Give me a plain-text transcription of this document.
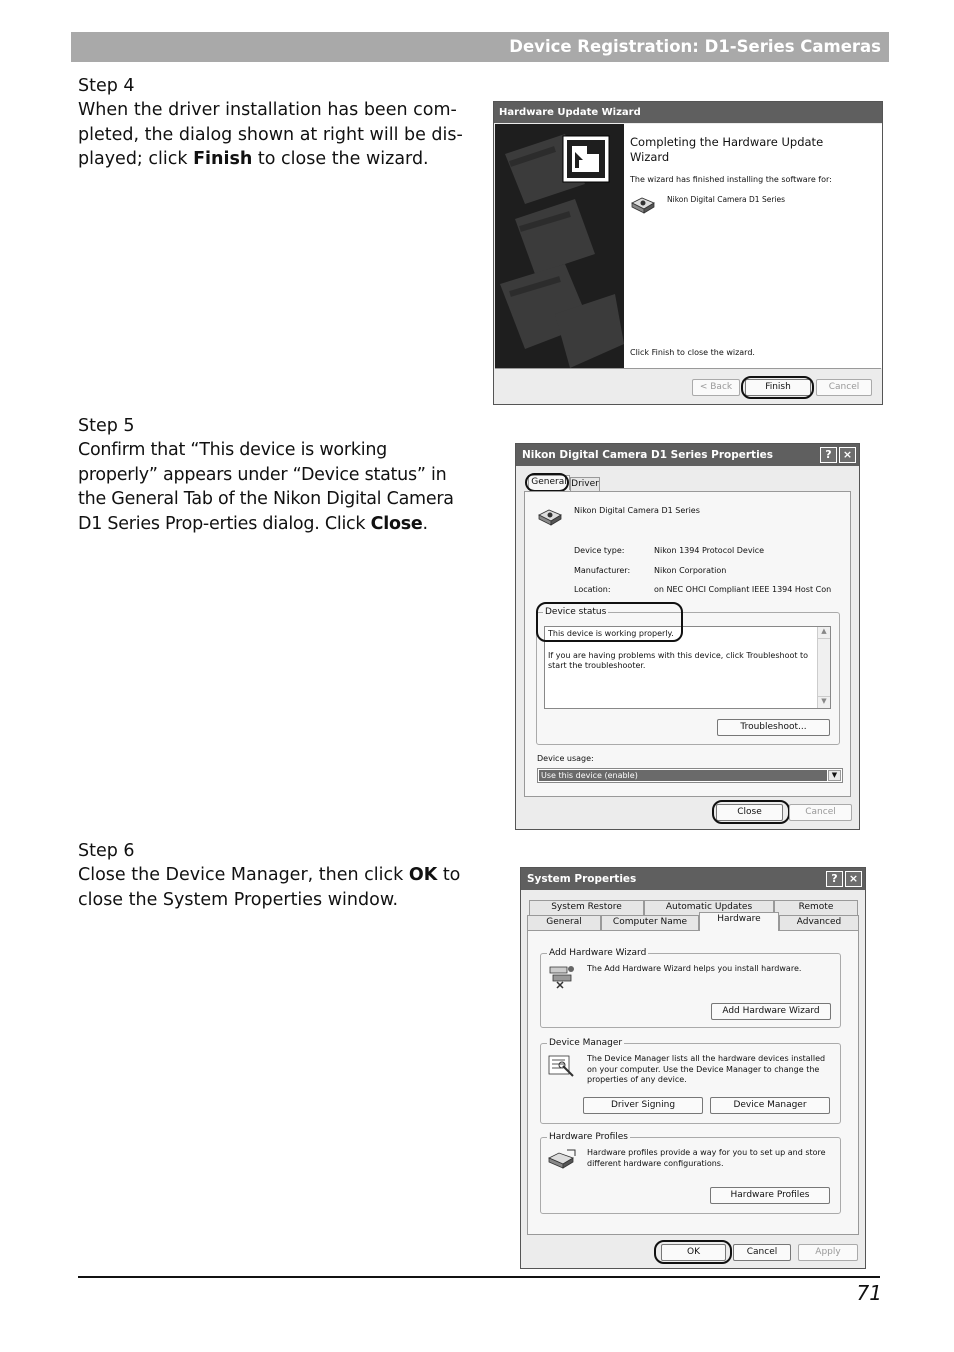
Device Registration: D1-Series Cameras
Step 4
When the driver installation has been com-pleted, the dialog shown at right will be dis-played; click Finish to close the wizard.
Step 5
Confirm that “This device is working properly” appears under “Device status” in the General Tab of the Nikon Digital Camera D1 Series Prop-erties dialog. Click Close.
Step 6
Close the Device Manager, then click OK to close the System Properties window.
Hardware Update Wizard
Completing the Hardware Update Wizard
The wizard has finished installing the software for:
Nikon Digital Camera D1 Series
Click Finish to close the wizard.
< Back	Finish	Cancel
Nikon Digital Camera D1 Series Properties	?	×
General Driver
Nikon Digital Camera D1 Series
Device type:	Nikon 1394 Protocol Device
Manufacturer:	Nikon Corporation
Location:	on NEC OHCI Compliant IEEE 1394 Host Con
Device status
▲
▼
This device is working properly.
If you are having problems with this device, click Troubleshoot to start the troubleshooter.
Troubleshoot...
Device usage:
Use this device (enable)	▼
Close	Cancel
System Properties	?	×
System Restore	Automatic Updates	Remote
General	Computer Name	Hardware	Advanced
Add Hardware Wizard
The Add Hardware Wizard helps you install hardware.
Add Hardware Wizard
Device Manager
The Device Manager lists all the hardware devices installed on your computer. Use the Device Manager to change the properties of any device.
Driver Signing	Device Manager
Hardware Profiles
Hardware profiles provide a way for you to set up and store different hardware configurations.
Hardware Profiles
OK	Cancel	Apply
71
